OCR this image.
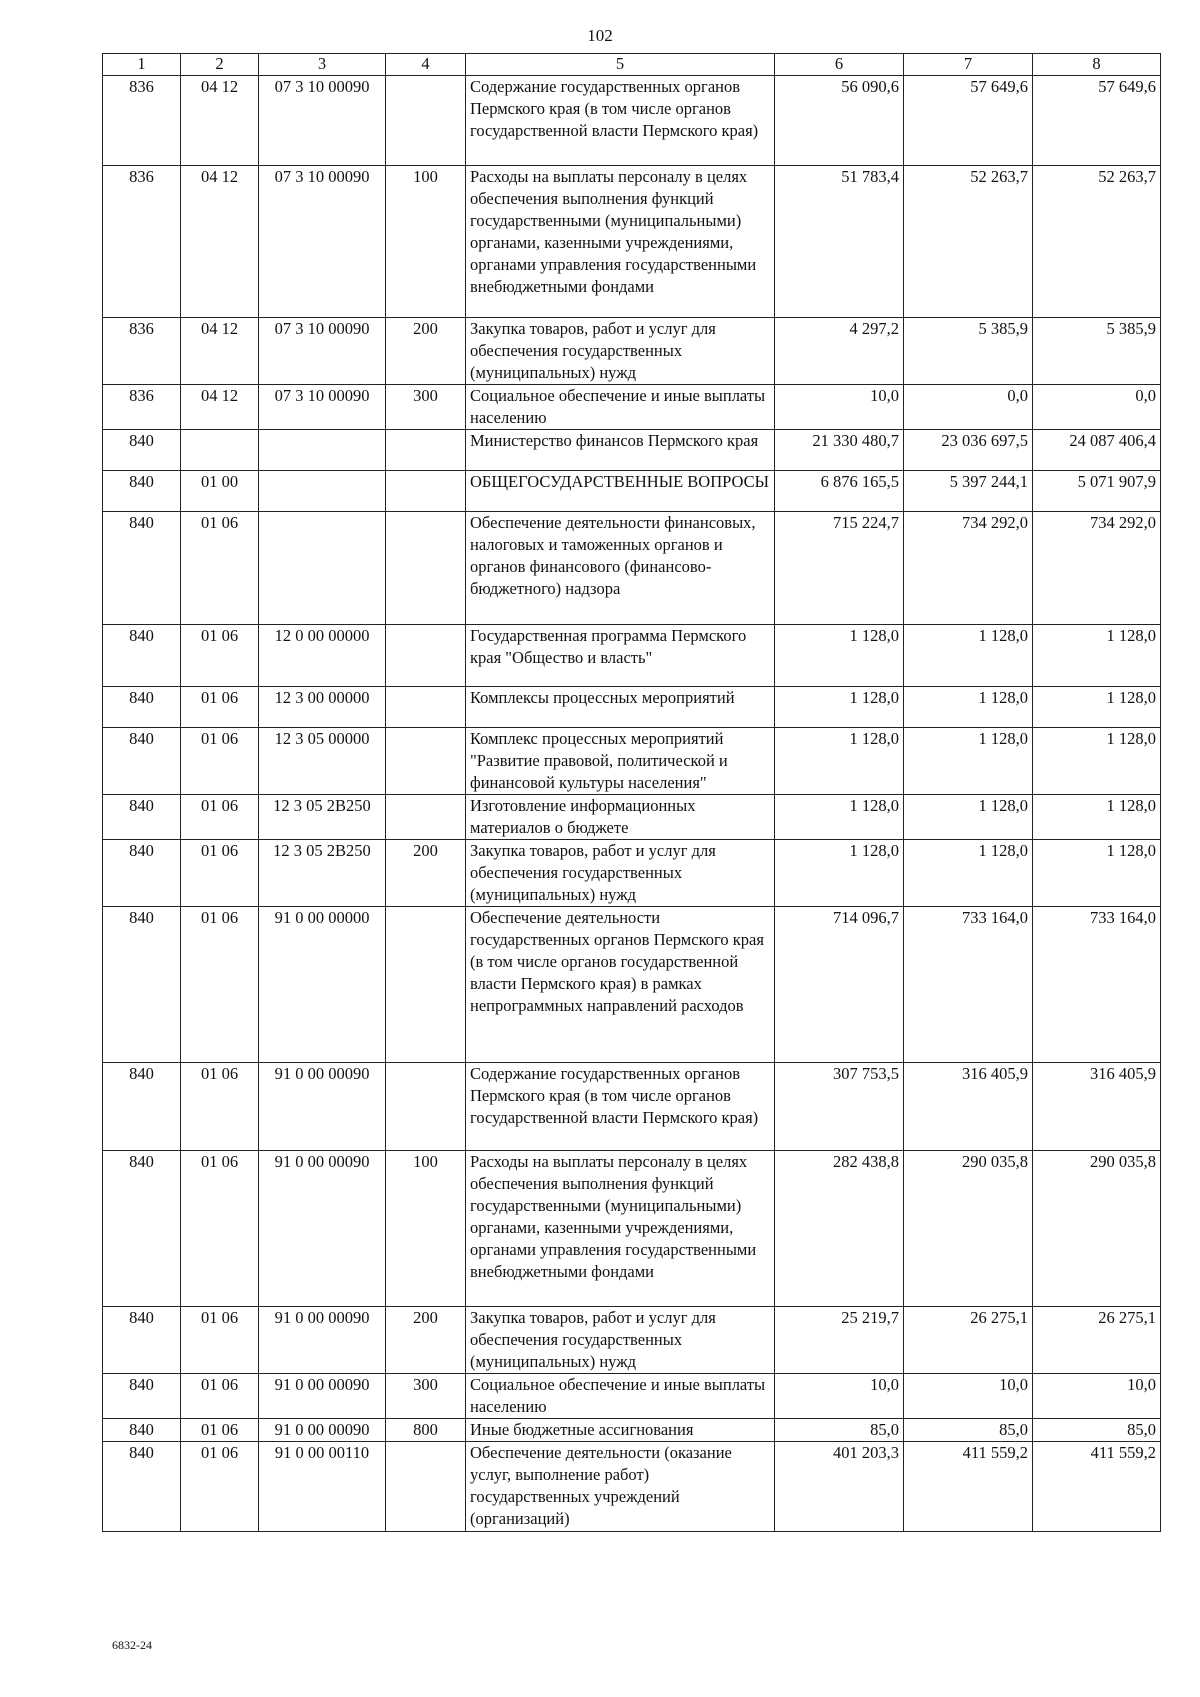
102
1	2	3	4	5	6	7	8
836	04 12	07 3 10 00090		Содержание государственных органов Пермского края (в том числе органов государственной власти Пермского края)	56 090,6	57 649,6	57 649,6
836	04 12	07 3 10 00090	100	Расходы на выплаты персоналу в целях обеспечения выполнения функций государственными (муниципальными) органами, казенными учреждениями, органами управления государственными внебюджетными фондами	51 783,4	52 263,7	52 263,7
836	04 12	07 3 10 00090	200	Закупка товаров, работ и услуг для обеспечения государственных (муниципальных) нужд	4 297,2	5 385,9	5 385,9
836	04 12	07 3 10 00090	300	Социальное обеспечение и иные выплаты населению	10,0	0,0	0,0
840				Министерство финансов Пермского края	21 330 480,7	23 036 697,5	24 087 406,4
840	01 00			ОБЩЕГОСУДАРСТВЕННЫЕ ВОПРОСЫ	6 876 165,5	5 397 244,1	5 071 907,9
840	01 06			Обеспечение деятельности финансовых, налоговых и таможенных органов и органов финансового (финансово-бюджетного) надзора	715 224,7	734 292,0	734 292,0
840	01 06	12 0 00 00000		Государственная программа Пермского края "Общество и власть"	1 128,0	1 128,0	1 128,0
840	01 06	12 3 00 00000		Комплексы процессных мероприятий	1 128,0	1 128,0	1 128,0
840	01 06	12 3 05 00000		Комплекс процессных мероприятий "Развитие правовой, политической и финансовой культуры населения"	1 128,0	1 128,0	1 128,0
840	01 06	12 3 05 2В250		Изготовление информационных материалов о бюджете	1 128,0	1 128,0	1 128,0
840	01 06	12 3 05 2В250	200	Закупка товаров, работ и услуг для обеспечения государственных (муниципальных) нужд	1 128,0	1 128,0	1 128,0
840	01 06	91 0 00 00000		Обеспечение деятельности государственных органов Пермского края (в том числе органов государственной власти Пермского края) в рамках непрограммных направлений расходов	714 096,7	733 164,0	733 164,0
840	01 06	91 0 00 00090		Содержание государственных органов Пермского края (в том числе органов государственной власти Пермского края)	307 753,5	316 405,9	316 405,9
840	01 06	91 0 00 00090	100	Расходы на выплаты персоналу в целях обеспечения выполнения функций государственными (муниципальными) органами, казенными учреждениями, органами управления государственными внебюджетными фондами	282 438,8	290 035,8	290 035,8
840	01 06	91 0 00 00090	200	Закупка товаров, работ и услуг для обеспечения государственных (муниципальных) нужд	25 219,7	26 275,1	26 275,1
840	01 06	91 0 00 00090	300	Социальное обеспечение и иные выплаты населению	10,0	10,0	10,0
840	01 06	91 0 00 00090	800	Иные бюджетные ассигнования	85,0	85,0	85,0
840	01 06	91 0 00 00110		Обеспечение деятельности (оказание услуг, выполнение работ) государственных учреждений (организаций)	401 203,3	411 559,2	411 559,2
6832-24
